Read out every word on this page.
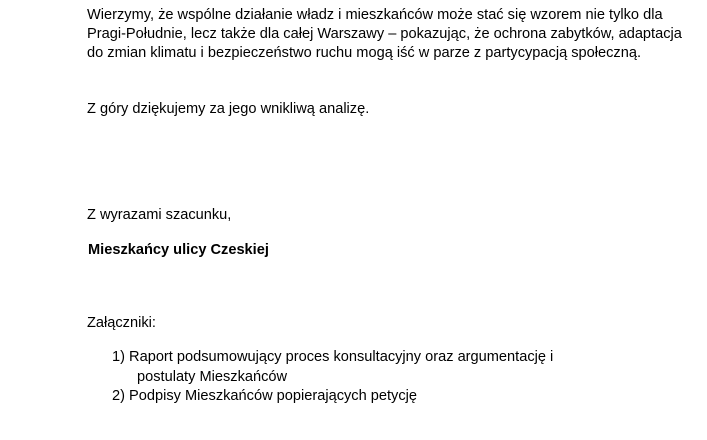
Wierzymy, że wspólne działanie władz i mieszkańców może stać się wzorem nie tylko dla Pragi-Południe, lecz także dla całej Warszawy – pokazując, że ochrona zabytków, adaptacja do zmian klimatu i bezpieczeństwo ruchu mogą iść w parze z partycypacją społeczną.

Z góry dziękujemy za jego wnikliwą analizę.

Z wyrazami szacunku,

Mieszkańcy ulicy Czeskiej

Załączniki:

1) Raport podsumowujący proces konsultacyjny oraz argumentację i postulaty Mieszkańców
2) Podpisy Mieszkańców popierających petycję
